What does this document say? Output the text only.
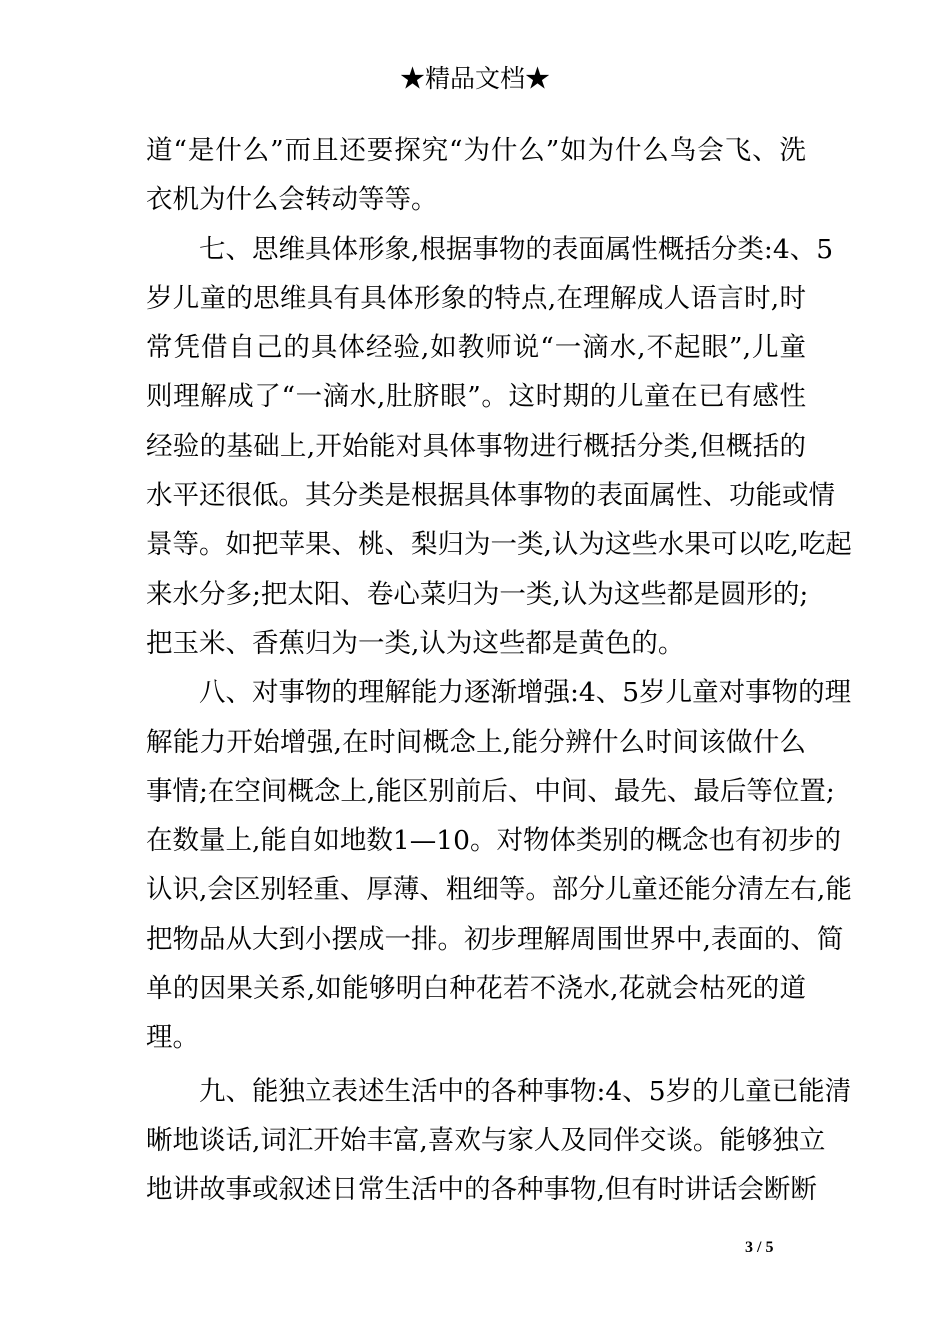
★精品文档★
道“是什么”而且还要探究“为什么”如为什么鸟会飞、洗
衣机为什么会转动等等。
七、思维具体形象,根据事物的表面属性概括分类:4、5
岁儿童的思维具有具体形象的特点,在理解成人语言时,时
常凭借自己的具体经验,如教师说“一滴水,不起眼”,儿童
则理解成了“一滴水,肚脐眼”。这时期的儿童在已有感性
经验的基础上,开始能对具体事物进行概括分类,但概括的
水平还很低。其分类是根据具体事物的表面属性、功能或情
景等。如把苹果、桃、梨归为一类,认为这些水果可以吃,吃起
来水分多;把太阳、卷心菜归为一类,认为这些都是圆形的;
把玉米、香蕉归为一类,认为这些都是黄色的。
八、对事物的理解能力逐渐增强:4、5岁儿童对事物的理
解能力开始增强,在时间概念上,能分辨什么时间该做什么
事情;在空间概念上,能区别前后、中间、最先、最后等位置;
在数量上,能自如地数1—10。对物体类别的概念也有初步的
认识,会区别轻重、厚薄、粗细等。部分儿童还能分清左右,能
把物品从大到小摆成一排。初步理解周围世界中,表面的、简
单的因果关系,如能够明白种花若不浇水,花就会枯死的道
理。
九、能独立表述生活中的各种事物:4、5岁的儿童已能清
晰地谈话,词汇开始丰富,喜欢与家人及同伴交谈。能够独立
地讲故事或叙述日常生活中的各种事物,但有时讲话会断断
3 / 5
